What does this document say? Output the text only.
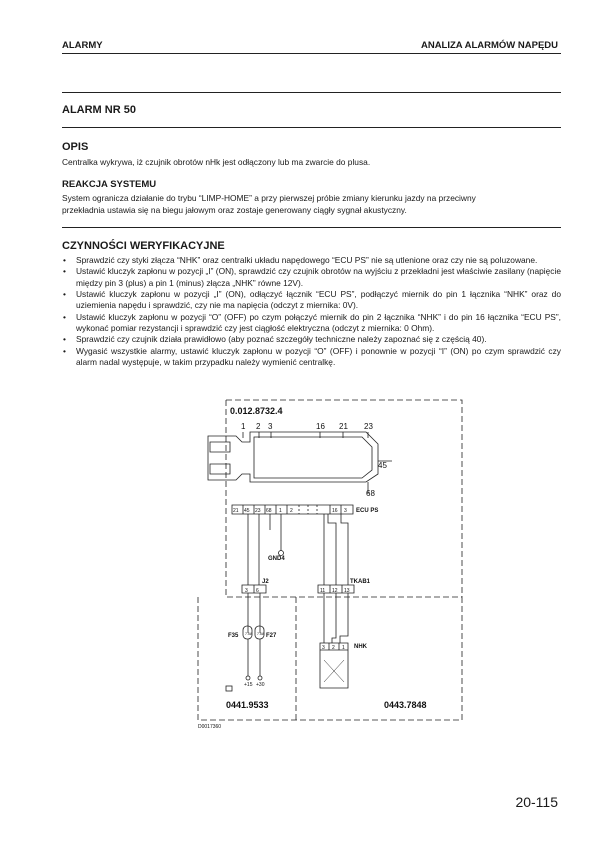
ALARMY	ANALIZA ALARMÓW NAPĘDU
ALARM NR 50
OPIS
Centralka wykrywa, iż czujnik obrotów nHk jest odłączony lub ma zwarcie do plusa.
REAKCJA SYSTEMU
System ogranicza działanie do trybu “LIMP-HOME” a przy pierwszej próbie zmiany kierunku jazdy na przeciwny
przekładnia ustawia się na biegu jałowym oraz zostaje generowany ciągły sygnał akustyczny.
CZYNNOŚCI WERYFIKACYJNE
• Sprawdzić czy styki złącza “NHK” oraz centralki układu napędowego “ECU PS” nie są utlenione oraz czy nie są poluzowane.
• Ustawić kluczyk zapłonu w pozycji „I” (ON), sprawdzić czy czujnik obrotów na wyjściu z przekładni jest właściwie zasilany (napięcie między pin 3 (plus) a pin 1 (minus) złącza „NHK” równe 12V).
• Ustawić kluczyk zapłonu w pozycji „I” (ON), odłączyć łącznik “ECU PS”, podłączyć miernik do pin 1 łącznika “NHK” oraz do uziemienia napędu i sprawdzić, czy nie ma napięcia (odczyt z miernika: 0V).
• Ustawić kluczyk zapłonu w pozycji “O” (OFF) po czym połączyć miernik do pin 2 łącznika “NHK” i do pin 16 łącznika “ECU PS”, wykonać pomiar rezystancji i sprawdzić czy jest ciągłość elektryczna (odczyt z miernika: 0 Ohm).
• Sprawdzić czy czujnik działa prawidłowo (aby poznać szczegóły techniczne należy zapoznać się z częścią 40).
• Wygasić wszystkie alarmy, ustawić kluczyk zapłonu w pozycji “O” (OFF) i ponownie w pozycji “I” (ON) po czym sprawdzić czy alarm nadal występuje, w takim przypadku należy wymienić centralkę.
0.012.8732.4
1 2 3	16 21 23
45
68
21 45 23 68 1 2	16 3 ECU PS
GND4
J2
3 6
TKAB1
11 12 13
F35	F27
7.5A 7.5A
+15 +30
NHK
3 2 1
0441.9533	0443.7848
D0017360
20-115
